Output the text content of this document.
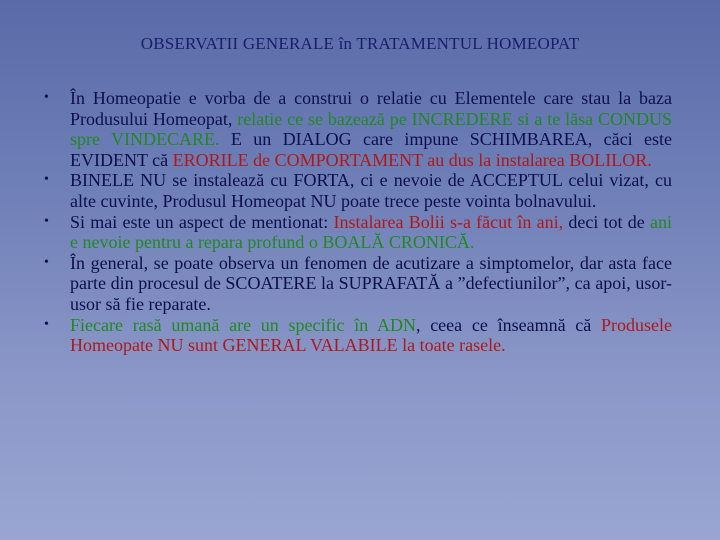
OBSERVATII GENERALE în TRATAMENTUL HOMEOPAT
• În Homeopatie e vorba de a construi o relatie cu Elementele care stau la baza Produsului Homeopat, relatie ce se bazează pe INCREDERE si a te lăsa CONDUS spre VINDECARE. E un DIALOG care impune SCHIMBAREA, căci este EVIDENT că ERORILE de COMPORTAMENT au dus la instalarea BOLILOR.
• BINELE NU se instalează cu FORTA, ci e nevoie de ACCEPTUL celui vizat, cu alte cuvinte, Produsul Homeopat NU poate trece peste vointa bolnavului.
• Si mai este un aspect de mentionat: Instalarea Bolii s-a făcut în ani, deci tot de ani e nevoie pentru a repara profund o BOALĂ CRONICĂ.
• În general, se poate observa un fenomen de acutizare a simptomelor, dar asta face parte din procesul de SCOATERE la SUPRAFATĂ a ”defectiunilor”, ca apoi, usor-usor să fie reparate.
• Fiecare rasă umană are un specific în ADN, ceea ce înseamnă că Produsele Homeopate NU sunt GENERAL VALABILE la toate rasele.
